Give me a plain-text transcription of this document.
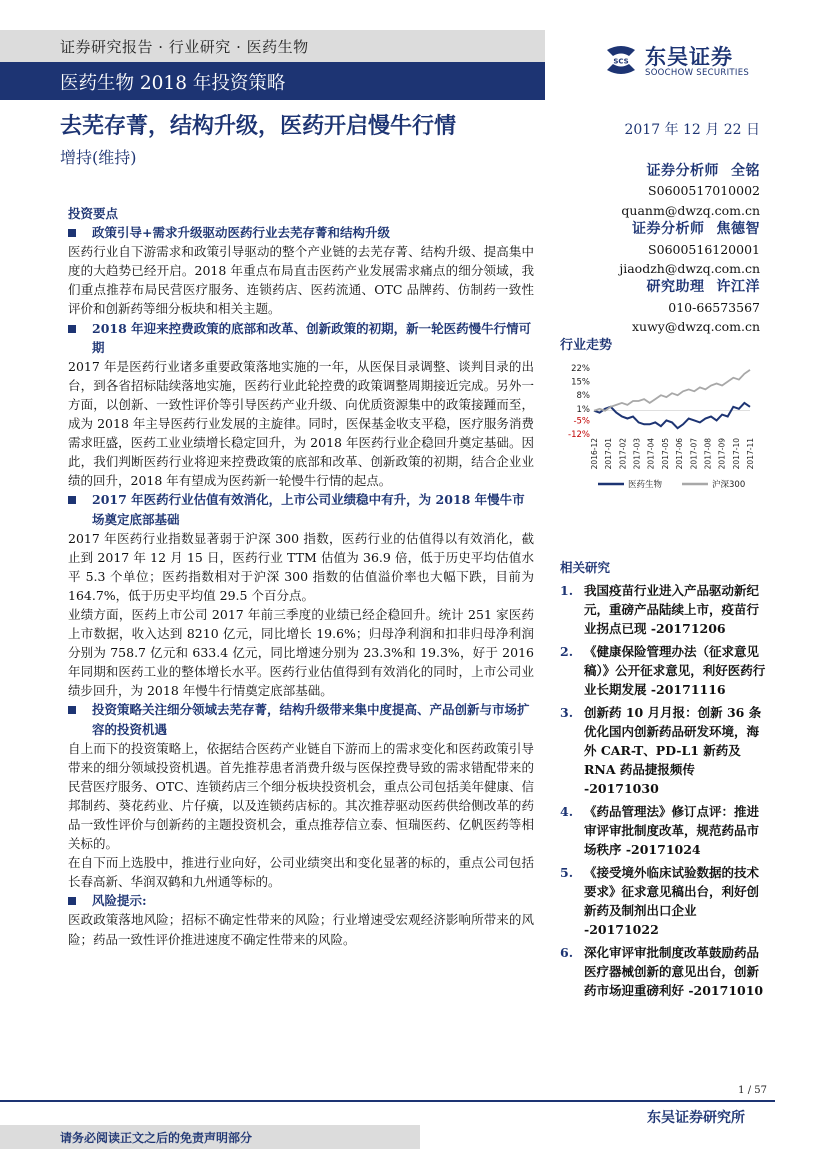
证券研究报告 · 行业研究 · 医药生物
医药生物 2018 年投资策略
SCS 东吴证券
SOOCHOW SECURITIES
去芜存菁，结构升级，医药开启慢牛行情
增持(维持)
2017 年 12 月 22 日
证券分析师 全铭
S0600517010002
quanm@dwzq.com.cn
证券分析师 焦德智
S0600516120001
jiaodzh@dwzq.com.cn
研究助理 许江洋
010-66573567
xuwy@dwzq.com.cn
投资要点
政策引导+需求升级驱动医药行业去芜存菁和结构升级

医药行业自下游需求和政策引导驱动的整个产业链的去芜存菁、结构升级、提高集中度的大趋势已经开启。2018 年重点布局直击医药产业发展需求痛点的细分领域，我们重点推荐布局民营医疗服务、连锁药店、医药流通、OTC 品牌药、仿制药一致性评价和创新药等细分板块和相关主题。

2018 年迎来控费政策的底部和改革、创新政策的初期，新一轮医药慢牛行情可期

2017 年是医药行业诸多重要政策落地实施的一年，从医保目录调整、谈判目录的出台，到各省招标陆续落地实施，医药行业此轮控费的政策调整周期接近完成。另外一方面，以创新、一致性评价等引导医药产业升级、向优质资源集中的政策接踵而至，成为 2018 年主导医药行业发展的主旋律。同时，医保基金收支平稳，医疗服务消费需求旺盛，医药工业业绩增长稳定回升，为 2018 年医药行业企稳回升奠定基础。因此，我们判断医药行业将迎来控费政策的底部和改革、创新政策的初期，结合企业业绩的回升，2018 年有望成为医药新一轮慢牛行情的起点。

2017 年医药行业估值有效消化，上市公司业绩稳中有升，为 2018 年慢牛市场奠定底部基础

2017 年医药行业指数显著弱于沪深 300 指数，医药行业的估值得以有效消化，截止到 2017 年 12 月 15 日，医药行业 TTM 估值为 36.9 倍，低于历史平均估值水平 5.3 个单位；医药指数相对于沪深 300 指数的估值溢价率也大幅下跌，目前为 164.7%，低于历史平均值 29.5 个百分点。

业绩方面，医药上市公司 2017 年前三季度的业绩已经企稳回升。统计 251 家医药上市数据，收入达到 8210 亿元，同比增长 19.6%；归母净利润和扣非归母净利润分别为 758.7 亿元和 633.4 亿元，同比增速分别为 23.3%和 19.3%，好于 2016 年同期和医药工业的整体增长水平。医药行业估值得到有效消化的同时，上市公司业绩步回升，为 2018 年慢牛行情奠定底部基础。

投资策略关注细分领域去芜存菁，结构升级带来集中度提高、产品创新与市场扩容的投资机遇

自上而下的投资策略上，依据结合医药产业链自下游而上的需求变化和医药政策引导带来的细分领域投资机遇。首先推荐患者消费升级与医保控费导致的需求错配带来的民营医疗服务、OTC、连锁药店三个细分板块投资机会，重点公司包括美年健康、信邦制药、葵花药业、片仔癀，以及连锁药店标的。其次推荐驱动医药供给侧改革的药品一致性评价与创新药的主题投资机会，重点推荐信立泰、恒瑞医药、亿帆医药等相关标的。

在自下而上选股中，推进行业向好，公司业绩突出和变化显著的标的，重点公司包括长春高新、华润双鹤和九州通等标的。

风险提示:

医政政策落地风险；招标不确定性带来的风险；行业增速受宏观经济影响所带来的风险；药品一致性评价推进速度不确定性带来的风险。

行业走势
22%
15%
8%
1%
-5%
-12%
2016-12 2017-01 2017-02 2017-03 2017-04 2017-05 2017-06 2017-07 2017-08 2017-09 2017-10 2017-11
医药生物	沪深300
相关研究
1. 我国疫苗行业进入产品驱动新纪元，重磅产品陆续上市，疫苗行业拐点已现 -20171206
2. 《健康保险管理办法（征求意见稿）》公开征求意见，利好医药行业长期发展 -20171116
3. 创新药 10 月月报：创新 36 条优化国内创新药品研发环境，海外 CAR-T、PD-L1 新药及 RNA 药品捷报频传 -20171030
4. 《药品管理法》修订点评：推进审评审批制度改革，规范药品市场秩序 -20171024
5. 《接受境外临床试验数据的技术要求》征求意见稿出台，利好创新药及制剂出口企业 -20171022
6. 深化审评审批制度改革鼓励药品医疗器械创新的意见出台，创新药市场迎重磅利好 -20171010
1 / 57
东吴证券研究所
请务必阅读正文之后的免责声明部分
